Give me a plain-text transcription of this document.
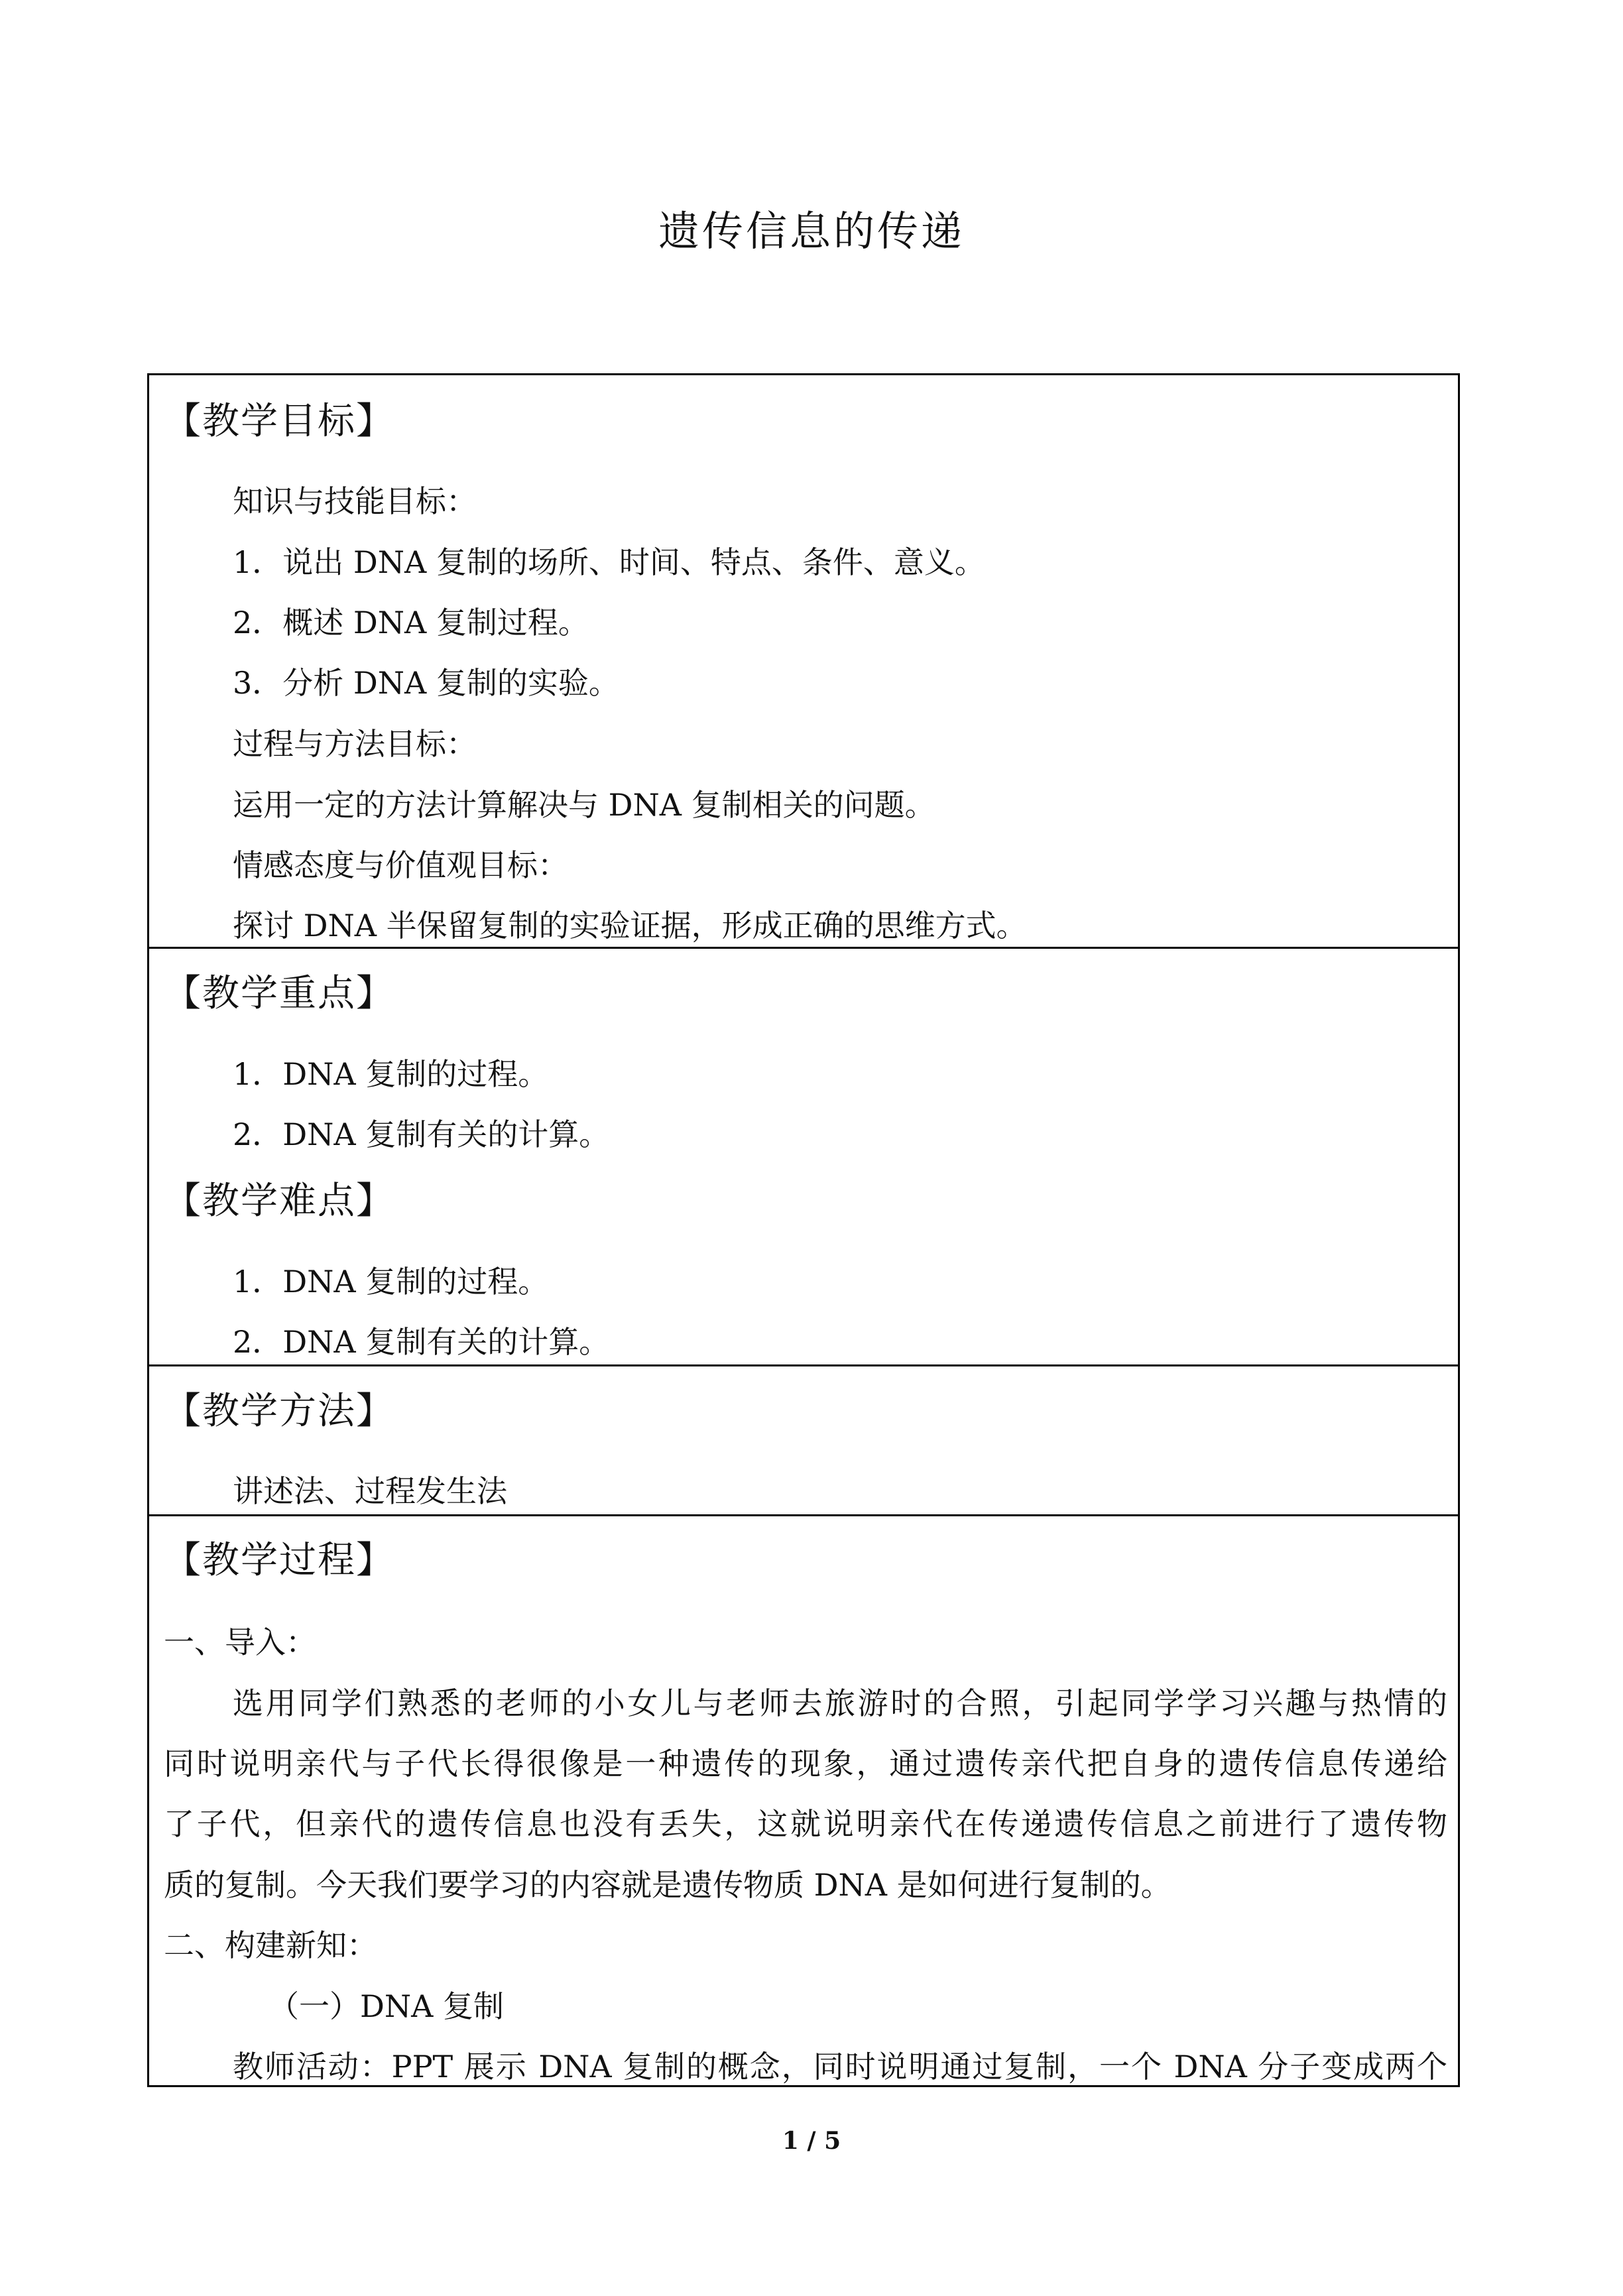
遗传信息的传递
【教学目标】
知识与技能目标：
1．说出 DNA 复制的场所、时间、特点、条件、意义。
2．概述 DNA 复制过程。
3．分析 DNA 复制的实验。
过程与方法目标：
运用一定的方法计算解决与 DNA 复制相关的问题。
情感态度与价值观目标：
探讨 DNA 半保留复制的实验证据，形成正确的思维方式。
【教学重点】
1．DNA 复制的过程。
2．DNA 复制有关的计算。
【教学难点】
1．DNA 复制的过程。
2．DNA 复制有关的计算。
【教学方法】
讲述法、过程发生法
【教学过程】
一、导入：
选用同学们熟悉的老师的小女儿与老师去旅游时的合照，引起同学学习兴趣与热情的
同时说明亲代与子代长得很像是一种遗传的现象，通过遗传亲代把自身的遗传信息传递给
了子代，但亲代的遗传信息也没有丢失，这就说明亲代在传递遗传信息之前进行了遗传物
质的复制。今天我们要学习的内容就是遗传物质 DNA 是如何进行复制的。
二、构建新知：
（一）DNA 复制
教师活动：PPT 展示 DNA 复制的概念，同时说明通过复制，一个 DNA 分子变成两个
1 / 5
